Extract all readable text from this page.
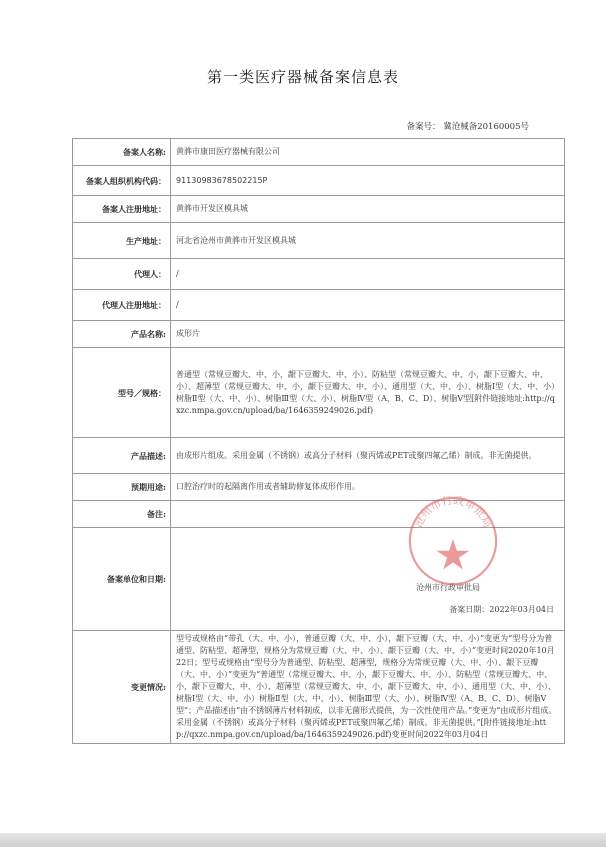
第一类医疗器械备案信息表
备案号： 冀沧械备20160005号
备案人名称:	黄骅市康田医疗器械有限公司
备案人组织机构代码：	91130983678502215P
备案人注册地址：	黄骅市开发区模具城
生产地址：	河北省沧州市黄骅市开发区模具城
代理人：	/
代理人注册地址：	/
产品名称:	成形片
型号／规格：	普通型（常规豆瓣大、中、小，龈下豆瓣大、中、小）、防粘型（常规豆瓣大、中、小，龈下豆瓣大、中、小）、超薄型（常规豆瓣大、中、小，龈下豆瓣大、中、小）、通用型（大、中、小）、树脂Ⅰ型（大、中、小）树脂Ⅱ型（大、中、小）、树脂Ⅲ型（大、小）、树脂Ⅳ型（A、B、C、D）、树脂Ⅴ型[附件链接地址:http://qxzc.nmpa.gov.cn/upload/ba/1646359249026.pdf)
产品描述:	由成形片组成。采用金属（不锈钢）或高分子材料（聚丙烯或PET或聚四氟乙烯）制成。非无菌提供。
预期用途:	口腔治疗时的起隔离作用或者辅助修复体成形作用。
备注:	
备案单位和日期:	沧州市行政审批局
备案日期：2022年03月04日

变更情况:	型号或规格由“带孔（大、中、小），普通豆瓣（大、中、小），龈下豆瓣（大、中、小）”变更为“型号分为普通型、防粘型、超薄型，规格分为常规豆瓣（大、中、小）、龈下豆瓣（大、中、小）”变更时间2020年10月22日；型号或规格由“型号分为普通型、防粘型、超薄型，规格分为常规豆瓣（大、中、小）、龈下豆瓣（大、中、小）”变更为“普通型（常规豆瓣大、中、小，龈下豆瓣大、中、小）、防粘型（常规豆瓣大、中、小，龈下豆瓣大、中、小）、超薄型（常规豆瓣大、中、小，龈下豆瓣大、中、小）、通用型（大、中、小）、树脂Ⅰ型（大、中、小）树脂Ⅱ型（大、中、小）、树脂Ⅲ型（大、小）、树脂Ⅳ型（A、B、C、D）、树脂Ⅴ型”；产品描述由“由不锈钢薄片材料制成，以非无菌形式提供，为一次性使用产品。”变更为“由成形片组成。采用金属（不锈钢）或高分子材料（聚丙烯或PET或聚四氟乙烯）制成。非无菌提供。”[附件链接地址:http://qxzc.nmpa.gov.cn/upload/ba/1646359249026.pdf)变更时间2022年03月04日
沧州市行政审批局
